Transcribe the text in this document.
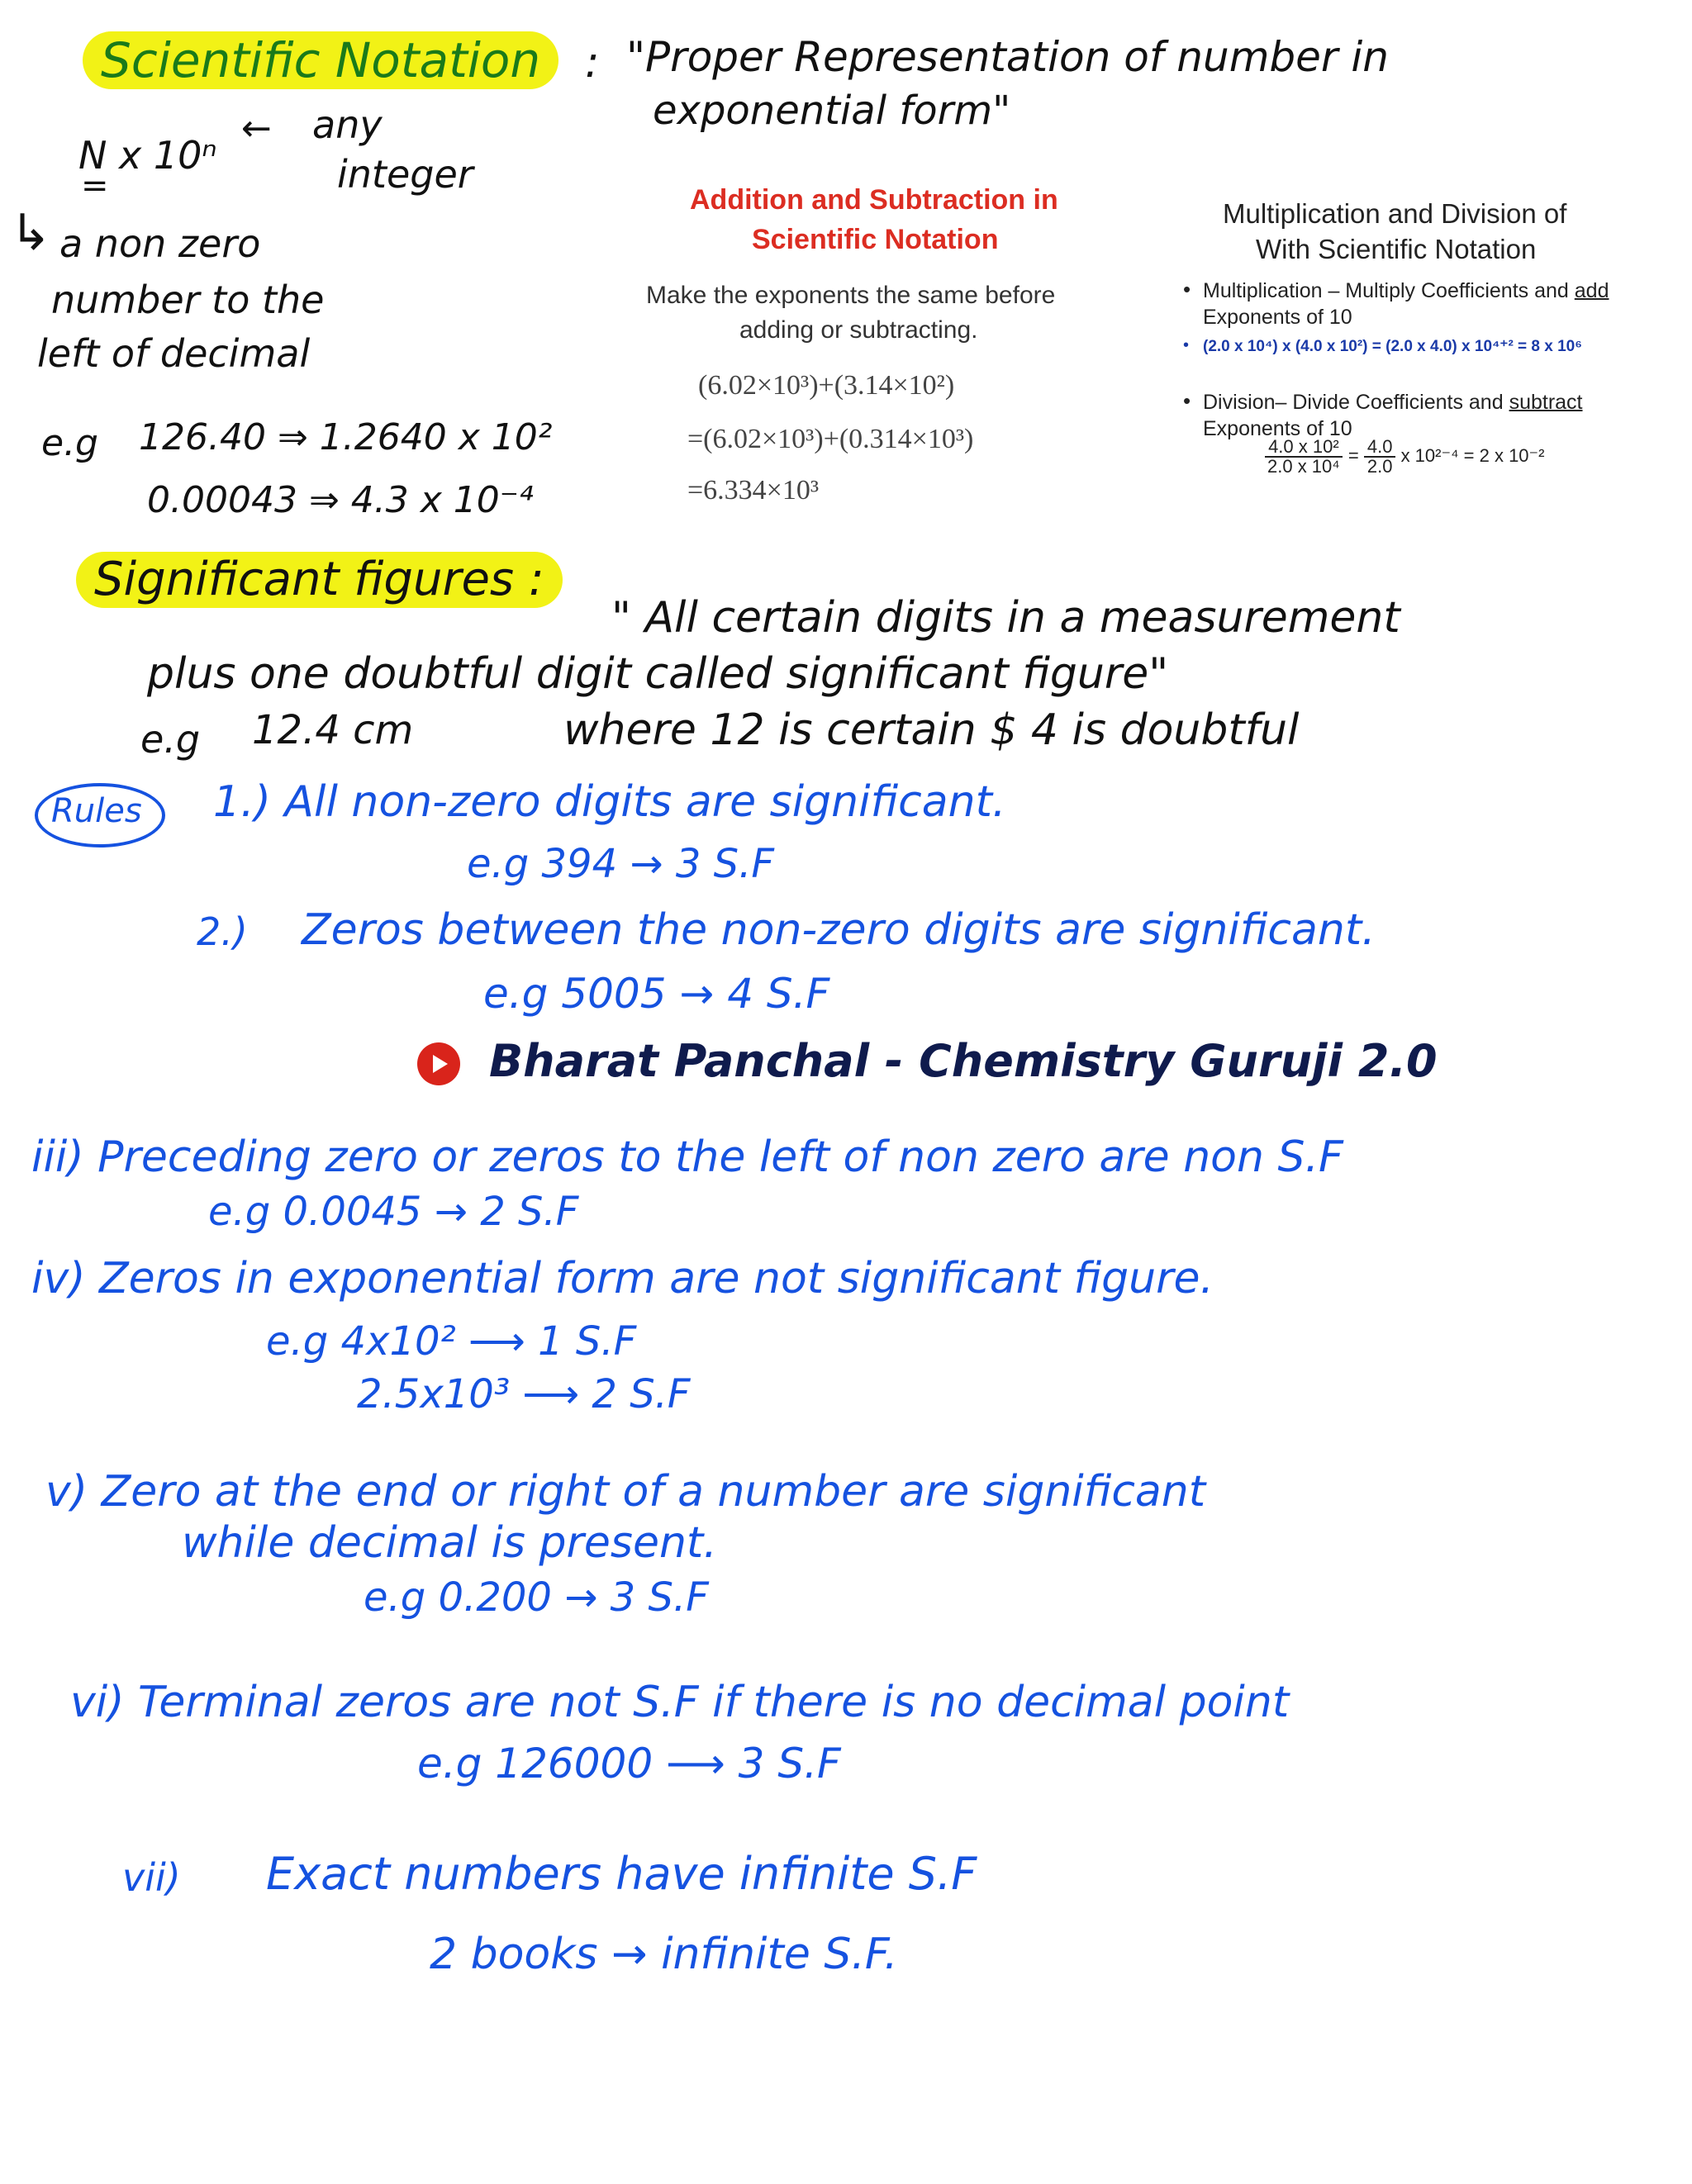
Scientific Notation	: "Proper Representation of number in
exponential form"
N x 10ⁿ
← any
integer
=
↳ a non zero
number to the
left of decimal
e.g 126.40 ⇒ 1.2640 x 10²
0.00043 ⇒ 4.3 x 10⁻⁴
Addition and Subtraction in
Scientific Notation
Make the exponents the same before
adding or subtracting.
(6.02×10³)+(3.14×10²)
=(6.02×10³)+(0.314×10³)
=6.334×10³
Multiplication and Division of
With Scientific Notation
• Multiplication – Multiply Coefficients and add
Exponents of 10
• (2.0 x 10⁴) x (4.0 x 10²) = (2.0 x 4.0) x 10⁴⁺² = 8 x 10⁶
• Division– Divide Coefficients and subtract
Exponents of 10
$\frac{\text{4.0 x 10²}}{\text{2.0 x 10⁴}} = \frac{4.0}{2.0}$ x 10²⁻⁴ = 2 x 10⁻²
Significant figures :
" All certain digits in a measurement
plus one doubtful digit called significant figure"
e.g 12.4 cm	where 12 is certain $ 4 is doubtful
Rules 1.) All non-zero digits are significant.
e.g 394 → 3 S.F
2.) Zeros between the non-zero digits are significant.
e.g 5005 → 4 S.F
Bharat Panchal - Chemistry Guruji 2.0
iii) Preceding zero or zeros to the left of non zero are non S.F
e.g 0.0045 → 2 S.F
iv) Zeros in exponential form are not significant figure.
e.g 4x10² ⟶ 1 S.F
2.5x10³ ⟶ 2 S.F
v) Zero at the end or right of a number are significant
while decimal is present.
e.g 0.200 → 3 S.F
vi) Terminal zeros are not S.F if there is no decimal point
e.g 126000 ⟶ 3 S.F
vii) Exact numbers have infinite S.F
2 books → infinite S.F.
